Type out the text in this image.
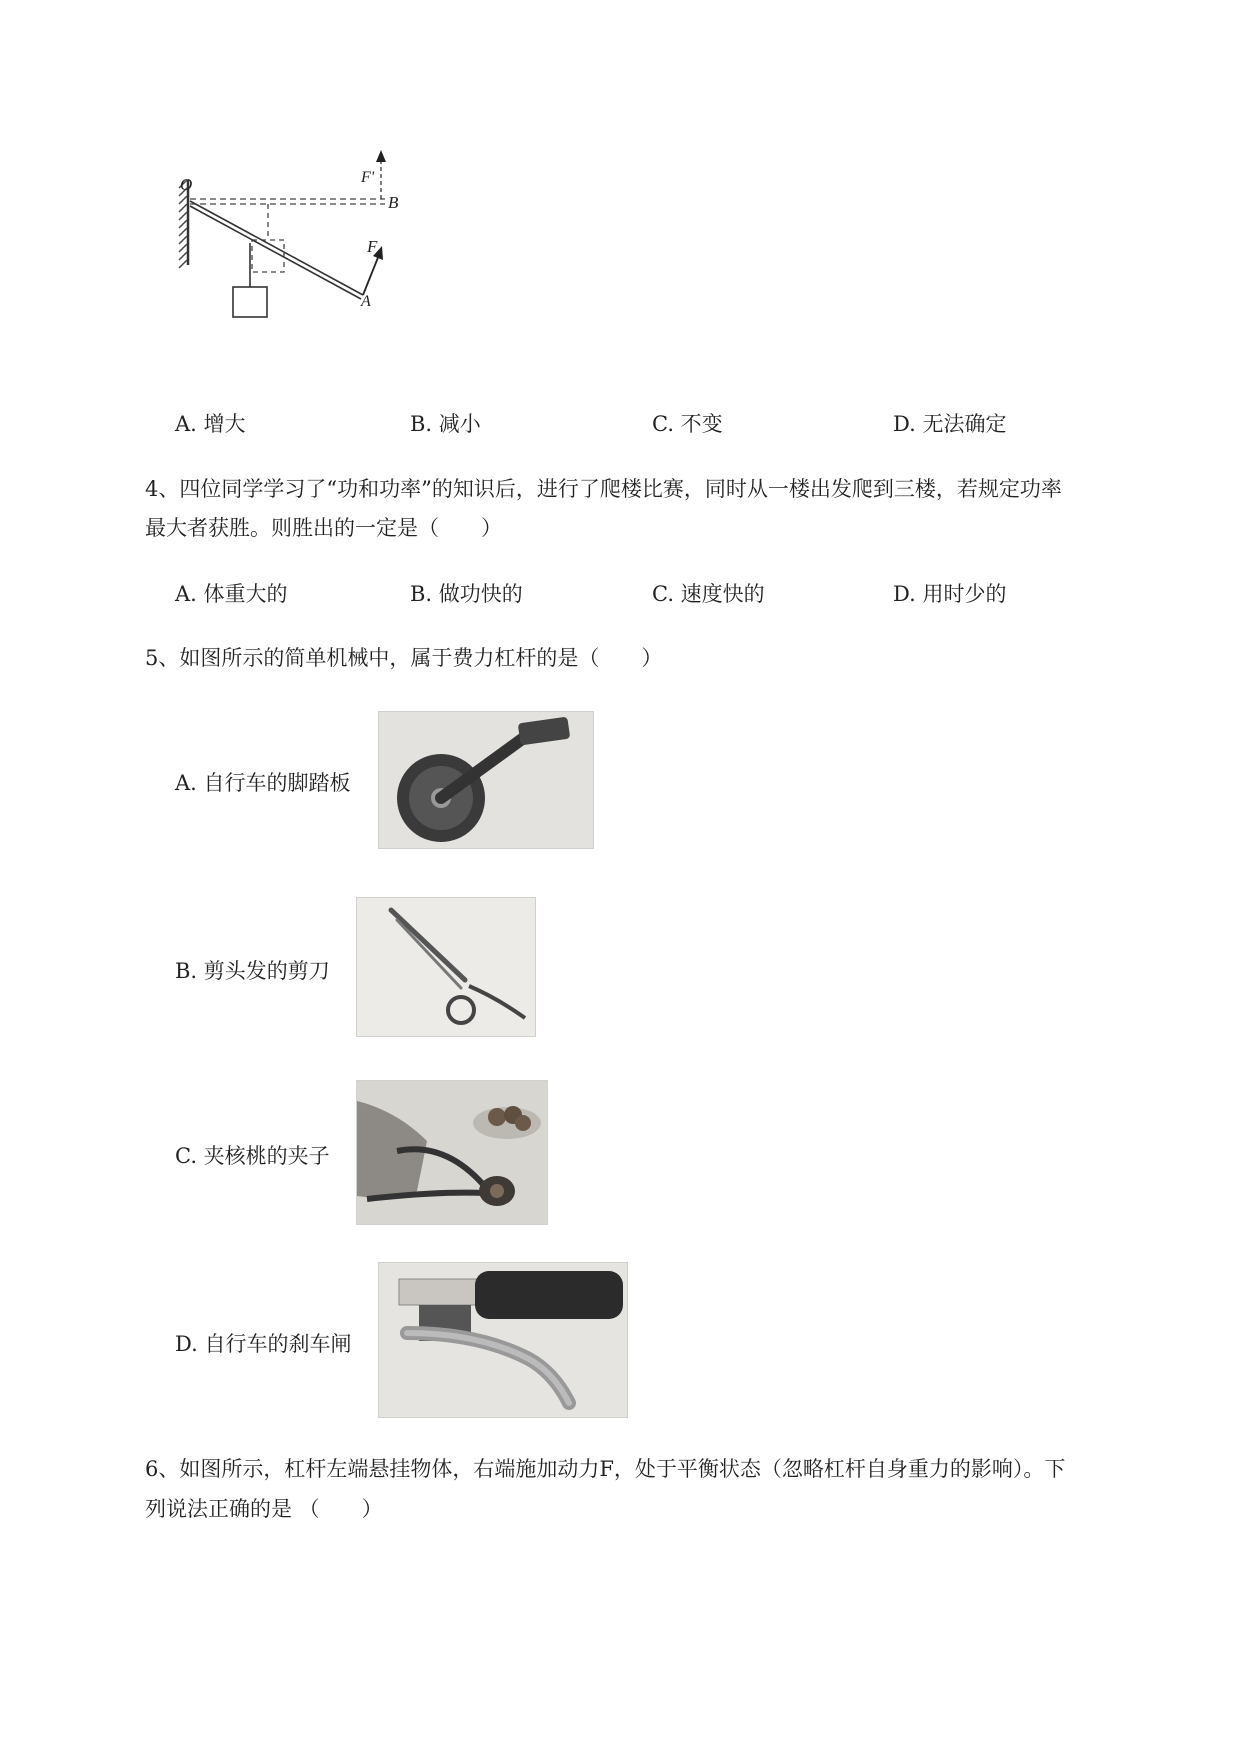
O	F'
B
F
A
A. 增大	B. 减小	C. 不变	D. 无法确定
4、四位同学学习了“功和功率”的知识后，进行了爬楼比赛，同时从一楼出发爬到三楼，若规定功率
最大者获胜。则胜出的一定是（　　）
A. 体重大的	B. 做功快的	C. 速度快的	D. 用时少的
5、如图所示的简单机械中，属于费力杠杆的是（　　）
A. 自行车的脚踏板
B. 剪头发的剪刀
C. 夹核桃的夹子
D. 自行车的刹车闸
6、如图所示，杠杆左端悬挂物体，右端施加动力F，处于平衡状态（忽略杠杆自身重力的影响）。下
列说法正确的是 （　　）
